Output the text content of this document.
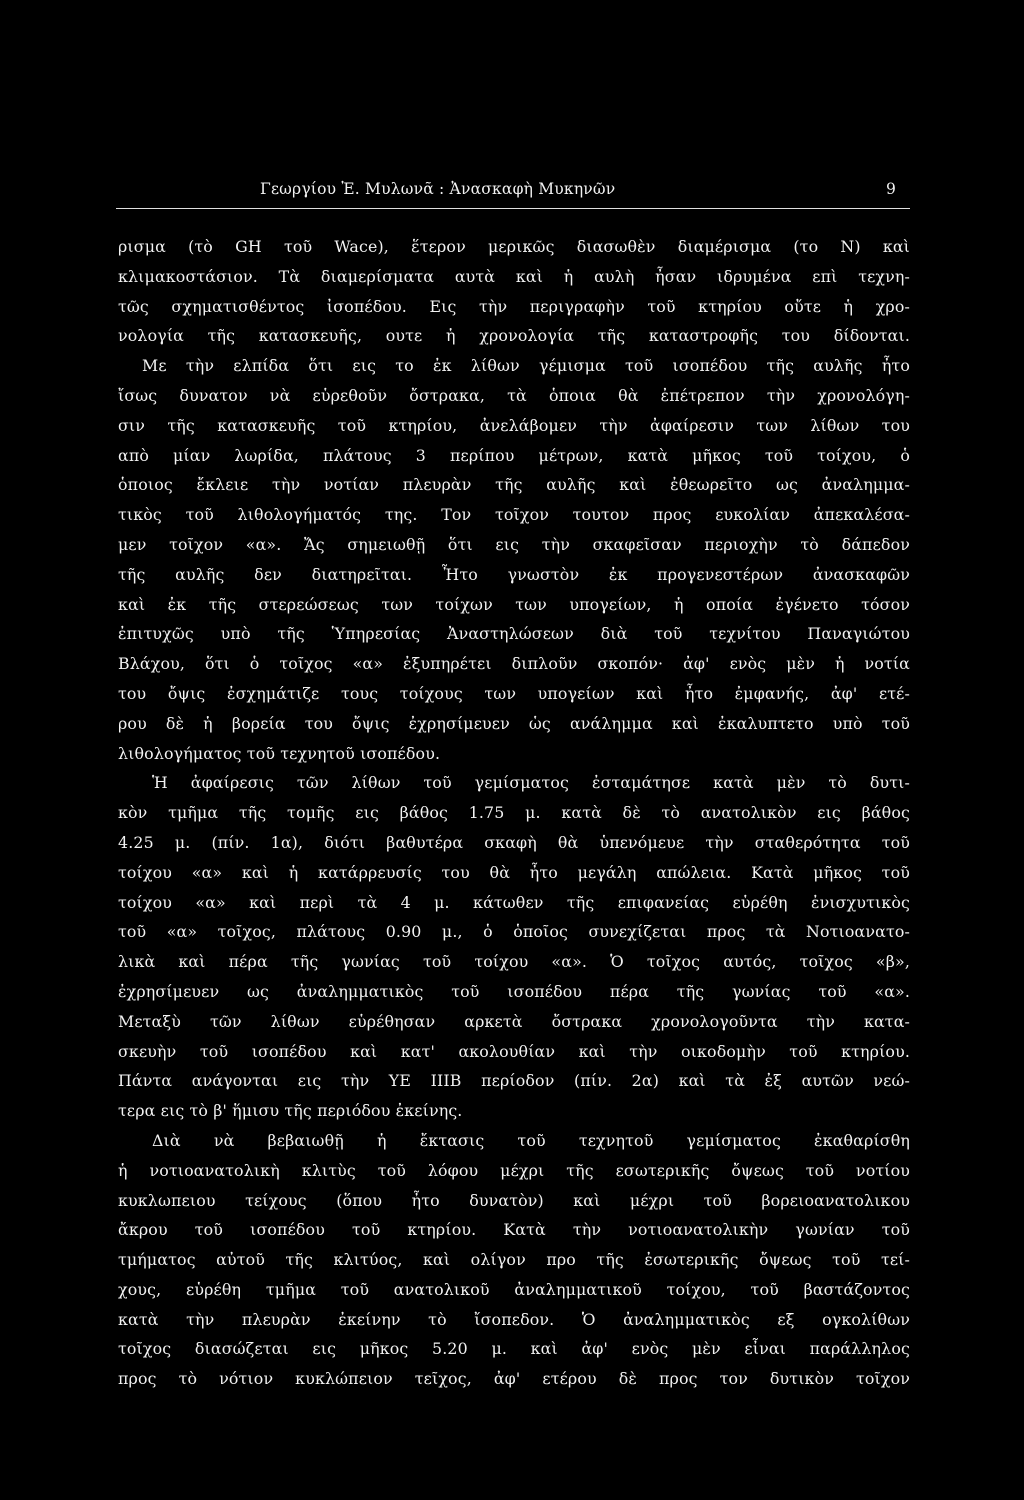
Γεωργίου Ἐ. Μυλωνᾶ : Ἀνασκαφὴ Μυκηνῶν	9
ρισμα (τὸ GH τοῦ Wace), ἕτερον μερικῶς διασωθὲν διαμέρισμα (το Ν) καὶ
κλιμακοστάσιον. Τὰ διαμερίσματα αυτὰ καὶ ἡ αυλὴ ἦσαν ιδρυμένα επὶ τεχνη-
τῶς σχηματισθέντος ἰσοπέδου. Εις τὴν περιγραφὴν τοῦ κτηρίου οὔτε ἡ χρο-
νολογία τῆς κατασκευῆς, ουτε ἡ χρονολογία τῆς καταστροφῆς του δίδονται.
Με τὴν ελπίδα ὅτι εις το ἐκ λίθων γέμισμα τοῦ ισοπέδου τῆς αυλῆς ἦτο
ἴσως δυνατον νὰ εὑρεθοῦν ὄστρακα, τὰ ὁποια θὰ ἐπέτρεπον τὴν χρονολόγη-
σιν τῆς κατασκευῆς τοῦ κτηρίου, ἀνελάβομεν τὴν ἀφαίρεσιν των λίθων του
απὸ μίαν λωρίδα, πλάτους 3 περίπου μέτρων, κατὰ μῆκος τοῦ τοίχου, ὁ
ὁποιος ἔκλειε τὴν νοτίαν πλευρὰν τῆς αυλῆς καὶ ἐθεωρεῖτο ως ἀναλημμα-
τικὸς τοῦ λιθολογήματός της. Τον τοῖχον τουτον προς ευκολίαν ἀπεκαλέσα-
μεν τοῖχον «α». Ἄς σημειωθῇ ὅτι εις τὴν σκαφεῖσαν περιοχὴν τὸ δάπεδον
τῆς αυλῆς δεν διατηρεῖται. Ἦτο γνωστὸν ἐκ προγενεστέρων ἀνασκαφῶν
καὶ ἐκ τῆς στερεώσεως των τοίχων των υπογείων, ἡ οποία ἐγένετο τόσον
ἐπιτυχῶς υπὸ τῆς Ὑπηρεσίας Ἀναστηλώσεων διὰ τοῦ τεχνίτου Παναγιώτου
Βλάχου, ὅτι ὁ τοῖχος «α» ἐξυπηρέτει διπλοῦν σκοπόν· ἀφ' ενὸς μὲν ἡ νοτία
του ὄψις ἐσχημάτιζε τους τοίχους των υπογείων καὶ ἦτο ἐμφανής, ἀφ' ετέ-
ρου δὲ ἡ βορεία του ὄψις ἐχρησίμευεν ὡς ανάλημμα καὶ ἐκαλυπτετο υπὸ τοῦ
λιθολογήματος τοῦ τεχνητοῦ ισοπέδου.
Ἡ ἀφαίρεσις τῶν λίθων τοῦ γεμίσματος ἐσταμάτησε κατὰ μὲν τὸ δυτι-
κὸν τμῆμα τῆς τομῆς εις βάθος 1.75 μ. κατὰ δὲ τὸ ανατολικὸν εις βάθος
4.25 μ. (πίν. 1α), διότι βαθυτέρα σκαφὴ θὰ ὑπενόμευε τὴν σταθερότητα τοῦ
τοίχου «α» καὶ ἡ κατάρρευσίς του θὰ ἦτο μεγάλη απώλεια. Κατὰ μῆκος τοῦ
τοίχου «α» καὶ περὶ τὰ 4 μ. κάτωθεν τῆς επιφανείας εὑρέθη ἐνισχυτικὸς
τοῦ «α» τοῖχος, πλάτους 0.90 μ., ὁ ὁποῖος συνεχίζεται προς τὰ Νοτιοανατο-
λικὰ καὶ πέρα τῆς γωνίας τοῦ τοίχου «α». Ὁ τοῖχος αυτός, τοῖχος «β»,
ἐχρησίμευεν ως ἀναλημματικὸς τοῦ ισοπέδου πέρα τῆς γωνίας τοῦ «α».
Μεταξὺ τῶν λίθων εὑρέθησαν αρκετὰ ὄστρακα χρονολογοῦντα τὴν κατα-
σκευὴν τοῦ ισοπέδου καὶ κατ' ακολουθίαν καὶ τὴν οικοδομὴν τοῦ κτηρίου.
Πάντα ανάγονται εις τὴν ΥΕ ΙΙΙΒ περίοδον (πίν. 2α) καὶ τὰ ἐξ αυτῶν νεώ-
τερα εις τὸ β' ἥμισυ τῆς περιόδου ἐκείνης.
Διὰ νὰ βεβαιωθῇ ἡ ἔκτασις τοῦ τεχνητοῦ γεμίσματος ἐκαθαρίσθη
ἡ νοτιοανατολικὴ κλιτὺς τοῦ λόφου μέχρι τῆς εσωτερικῆς ὄψεως τοῦ νοτίου
κυκλωπειου τείχους (ὅπου ἦτο δυνατὸν) καὶ μέχρι τοῦ βορειοανατολικου
ἄκρου τοῦ ισοπέδου τοῦ κτηρίου. Κατὰ τὴν νοτιοανατολικὴν γωνίαν τοῦ
τμήματος αὐτοῦ τῆς κλιτύος, καὶ ολίγον προ τῆς ἐσωτερικῆς ὄψεως τοῦ τεί-
χους, εὑρέθη τμῆμα τοῦ ανατολικοῦ ἀναλημματικοῦ τοίχου, τοῦ βαστάζοντος
κατὰ τὴν πλευρὰν ἐκείνην τὸ ἴσοπεδον. Ὁ ἀναλημματικὸς εξ ογκολίθων
τοῖχος διασώζεται εις μῆκος 5.20 μ. καὶ ἀφ' ενὸς μὲν εἶναι παράλληλος
προς τὸ νότιον κυκλώπειον τεῖχος, ἀφ' ετέρου δὲ προς τον δυτικὸν τοῖχον
